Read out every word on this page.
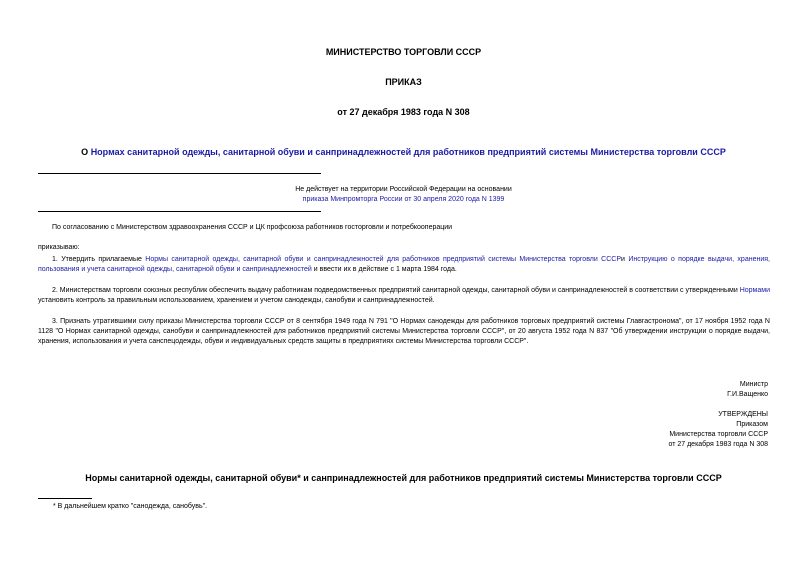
МИНИСТЕРСТВО ТОРГОВЛИ СССР
ПРИКАЗ
от 27 декабря 1983 года N 308
О Нормах санитарной одежды, санитарной обуви и санпринадлежностей для работников предприятий системы Министерства торговли СССР
Не действует на территории Российской Федерации на основании
приказа Минпромторга России от 30 апреля 2020 года N 1399
По согласованию с Министерством здравоохранения СССР и ЦК профсоюза работников госторговли и потребкооперации
приказываю:
1. Утвердить прилагаемые Нормы санитарной одежды, санитарной обуви и санпринадлежностей для работников предприятий системы Министерства торговли СССРи Инструкцию о порядке выдачи, хранения, пользования и учета санитарной одежды, санитарной обуви и санпринадлежностей и ввести их в действие с 1 марта 1984 года.
2. Министерствам торговли союзных республик обеспечить выдачу работникам подведомственных предприятий санитарной одежды, санитарной обуви и санпринадлежностей в соответствии с утвержденными Нормами установить контроль за правильным использованием, хранением и учетом санодежды, санобуви и санпринадлежностей.
3. Признать утратившими силу приказы Министерства торговли СССР от 8 сентября 1949 года N 791 "О Нормах санодежды для работников торговых предприятий системы Главгастронома", от 17 ноября 1952 года N 1128 "О Нормах санитарной одежды, санобуви и санпринадлежностей для работников предприятий системы Министерства торговли СССР", от 20 августа 1952 года N 837 "Об утверждении инструкции о порядке выдачи, хранения, использования и учета санспецодежды, обуви и индивидуальных средств защиты в предприятиях системы Министерства торговли СССР".
Министр
Г.И.Ващенко
УТВЕРЖДЕНЫ
Приказом
Министерства торговли СССР
от 27 декабря 1983 года N 308
Нормы санитарной одежды, санитарной обуви* и санпринадлежностей для работников предприятий системы Министерства торговли СССР
* В дальнейшем кратко "санодежда, санобувь".
